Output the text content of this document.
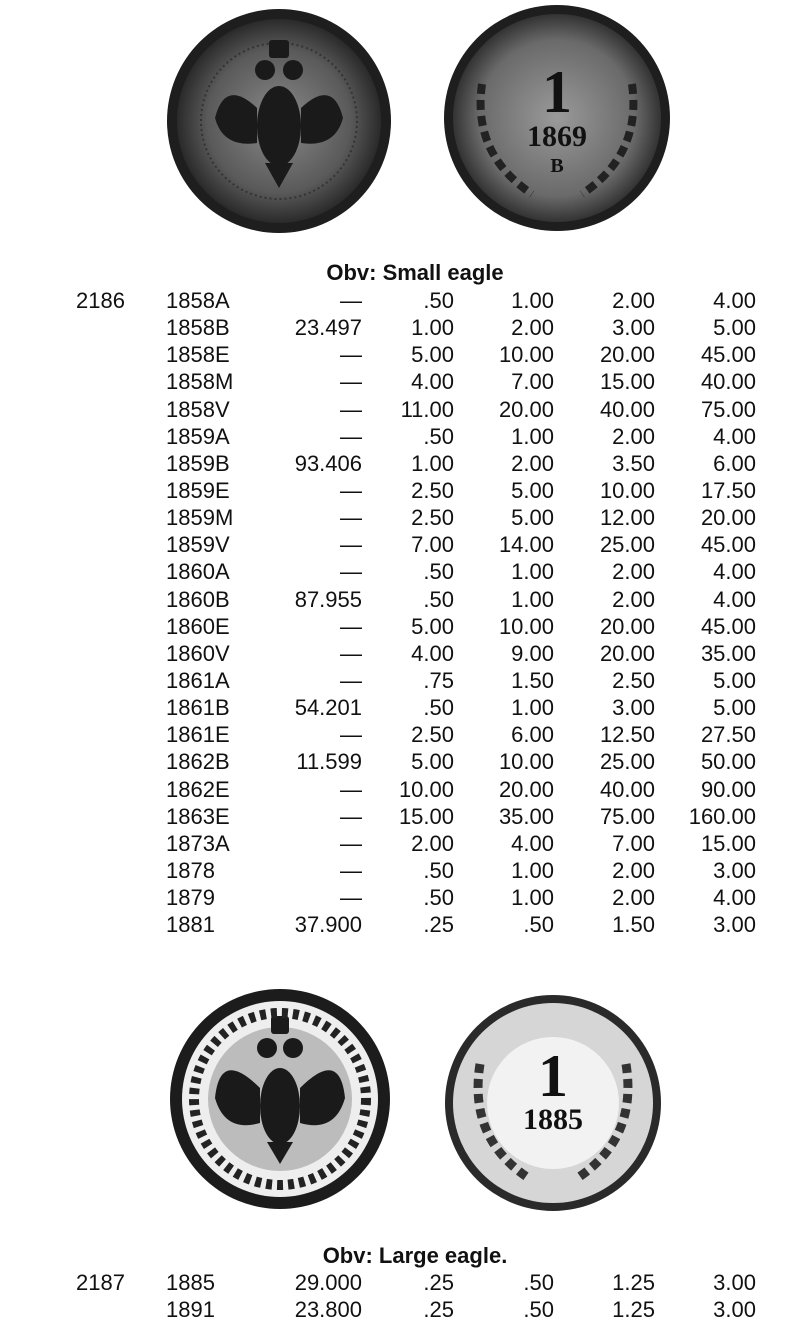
1
1869
B
Obv: Small eagle
2186	1858A	—	.50	1.00	2.00	4.00
	1858B	23.497	1.00	2.00	3.00	5.00
	1858E	—	5.00	10.00	20.00	45.00
	1858M	—	4.00	7.00	15.00	40.00
	1858V	—	11.00	20.00	40.00	75.00
	1859A	—	.50	1.00	2.00	4.00
	1859B	93.406	1.00	2.00	3.50	6.00
	1859E	—	2.50	5.00	10.00	17.50
	1859M	—	2.50	5.00	12.00	20.00
	1859V	—	7.00	14.00	25.00	45.00
	1860A	—	.50	1.00	2.00	4.00
	1860B	87.955	.50	1.00	2.00	4.00
	1860E	—	5.00	10.00	20.00	45.00
	1860V	—	4.00	9.00	20.00	35.00
	1861A	—	.75	1.50	2.50	5.00
	1861B	54.201	.50	1.00	3.00	5.00
	1861E	—	2.50	6.00	12.50	27.50
	1862B	11.599	5.00	10.00	25.00	50.00
	1862E	—	10.00	20.00	40.00	90.00
	1863E	—	15.00	35.00	75.00	160.00
	1873A	—	2.00	4.00	7.00	15.00
	1878	—	.50	1.00	2.00	3.00
	1879	—	.50	1.00	2.00	4.00
	1881	37.900	.25	.50	1.50	3.00
1
1885
Obv: Large eagle.
2187	1885	29.000	.25	.50	1.25	3.00
	1891	23.800	.25	.50	1.25	3.00
